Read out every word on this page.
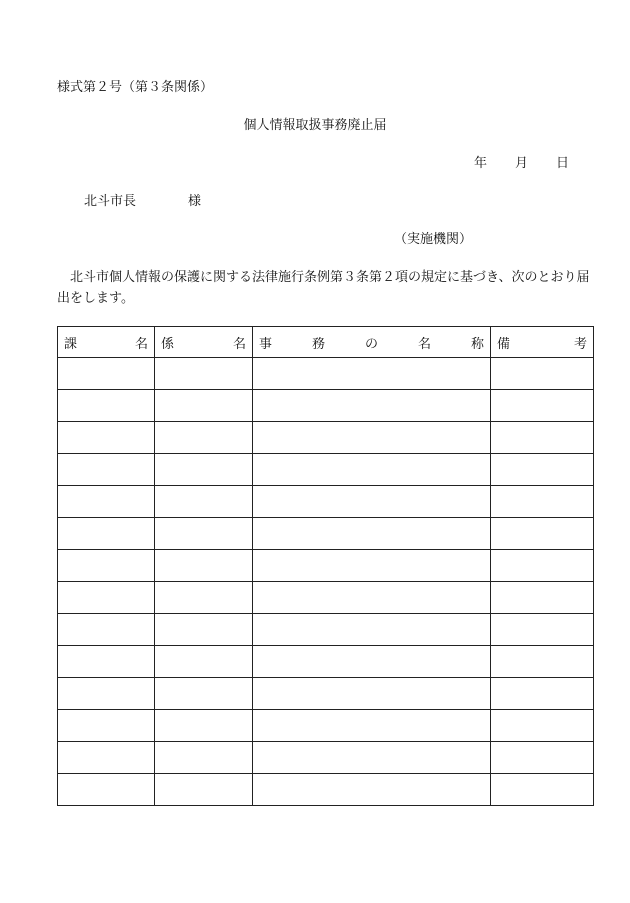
様式第２号（第３条関係）
個人情報取扱事務廃止届
年 月 日
北斗市長	様
（実施機関）
北斗市個人情報の保護に関する法律施行条例第３条第２項の規定に基づき、次のとおり届出をします。
課 名	係 名	事 務 の 名 称	備 考
